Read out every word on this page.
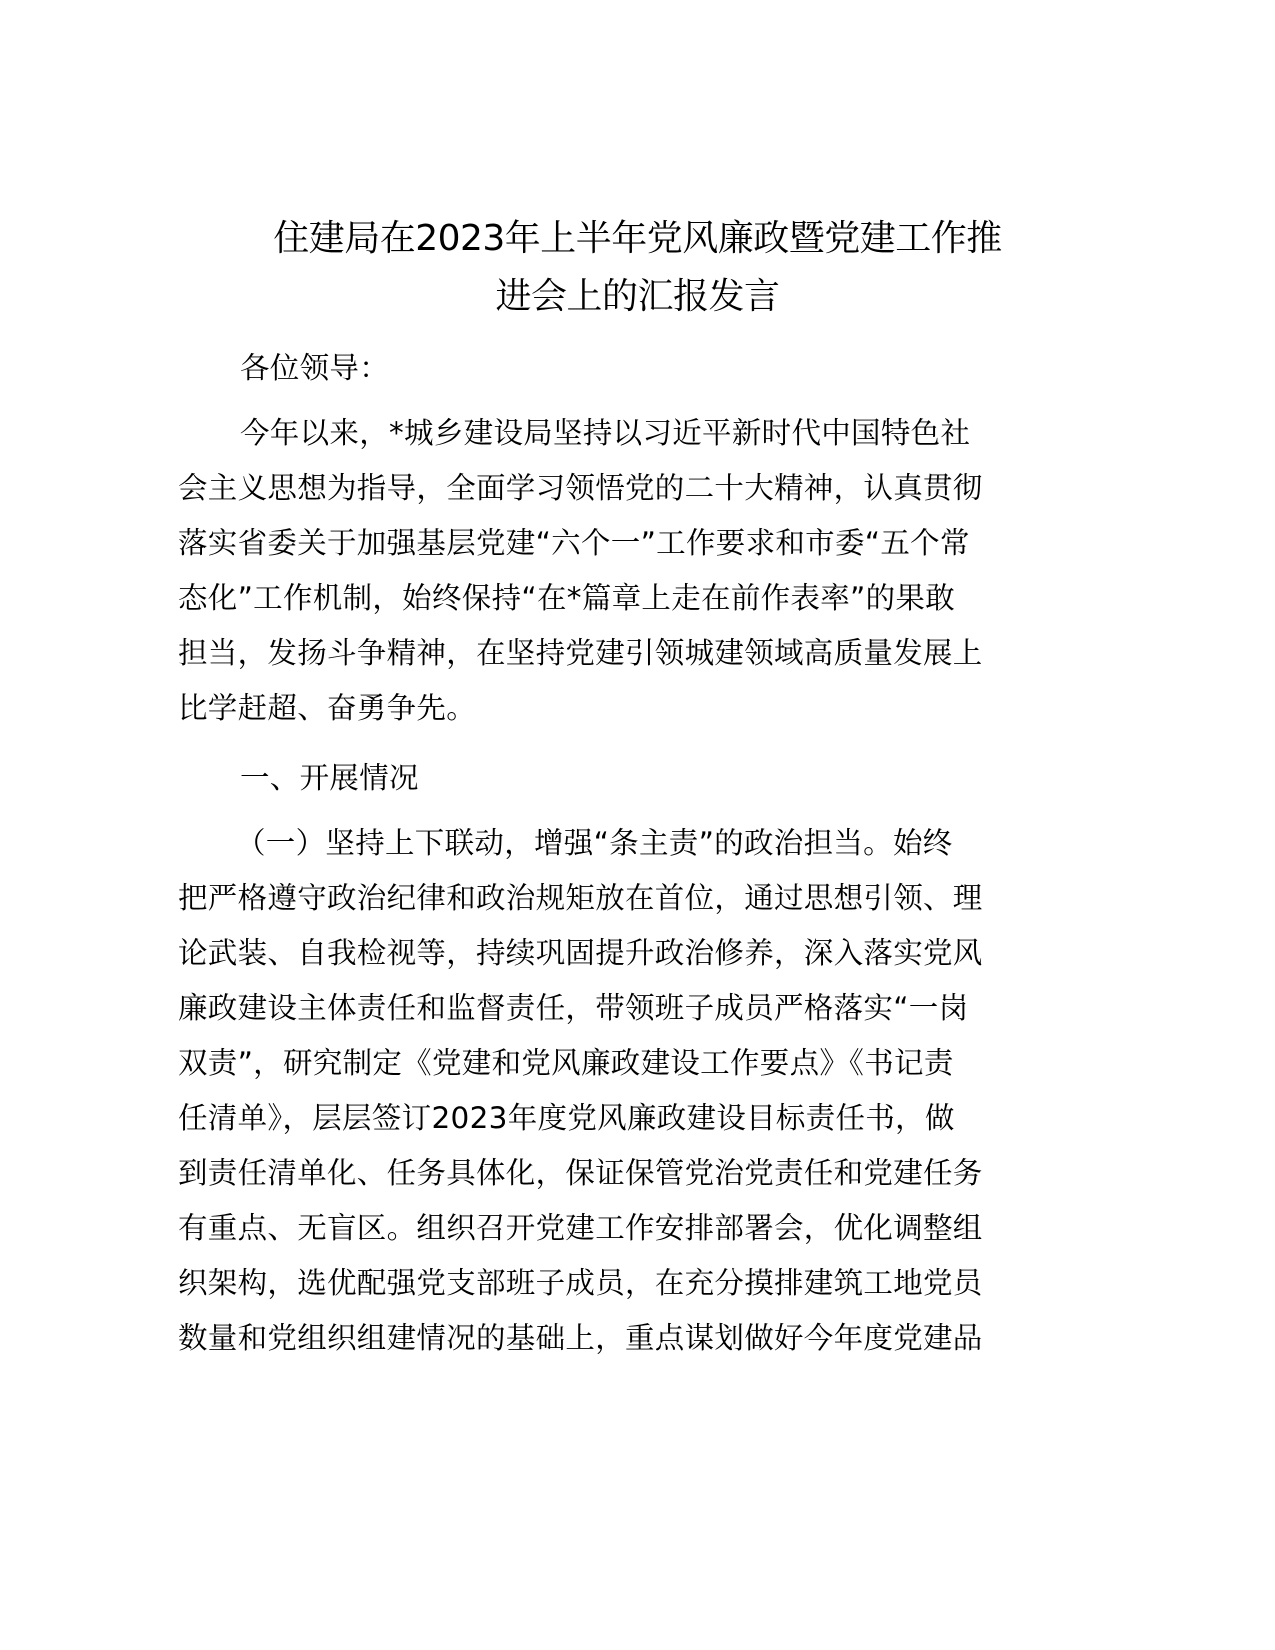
住建局在2023年上半年党风廉政暨党建工作推
进会上的汇报发言
各位领导：
今年以来，*城乡建设局坚持以习近平新时代中国特色社
会主义思想为指导，全面学习领悟党的二十大精神，认真贯彻
落实省委关于加强基层党建“六个一”工作要求和市委“五个常
态化”工作机制，始终保持“在*篇章上走在前作表率”的果敢
担当，发扬斗争精神，在坚持党建引领城建领域高质量发展上
比学赶超、奋勇争先。
一、开展情况
（一）坚持上下联动，增强“条主责”的政治担当。始终
把严格遵守政治纪律和政治规矩放在首位，通过思想引领、理
论武装、自我检视等，持续巩固提升政治修养，深入落实党风
廉政建设主体责任和监督责任，带领班子成员严格落实“一岗
双责”，研究制定《党建和党风廉政建设工作要点》《书记责
任清单》，层层签订2023年度党风廉政建设目标责任书，做
到责任清单化、任务具体化，保证保管党治党责任和党建任务
有重点、无盲区。组织召开党建工作安排部署会，优化调整组
织架构，选优配强党支部班子成员，在充分摸排建筑工地党员
数量和党组织组建情况的基础上，重点谋划做好今年度党建品
